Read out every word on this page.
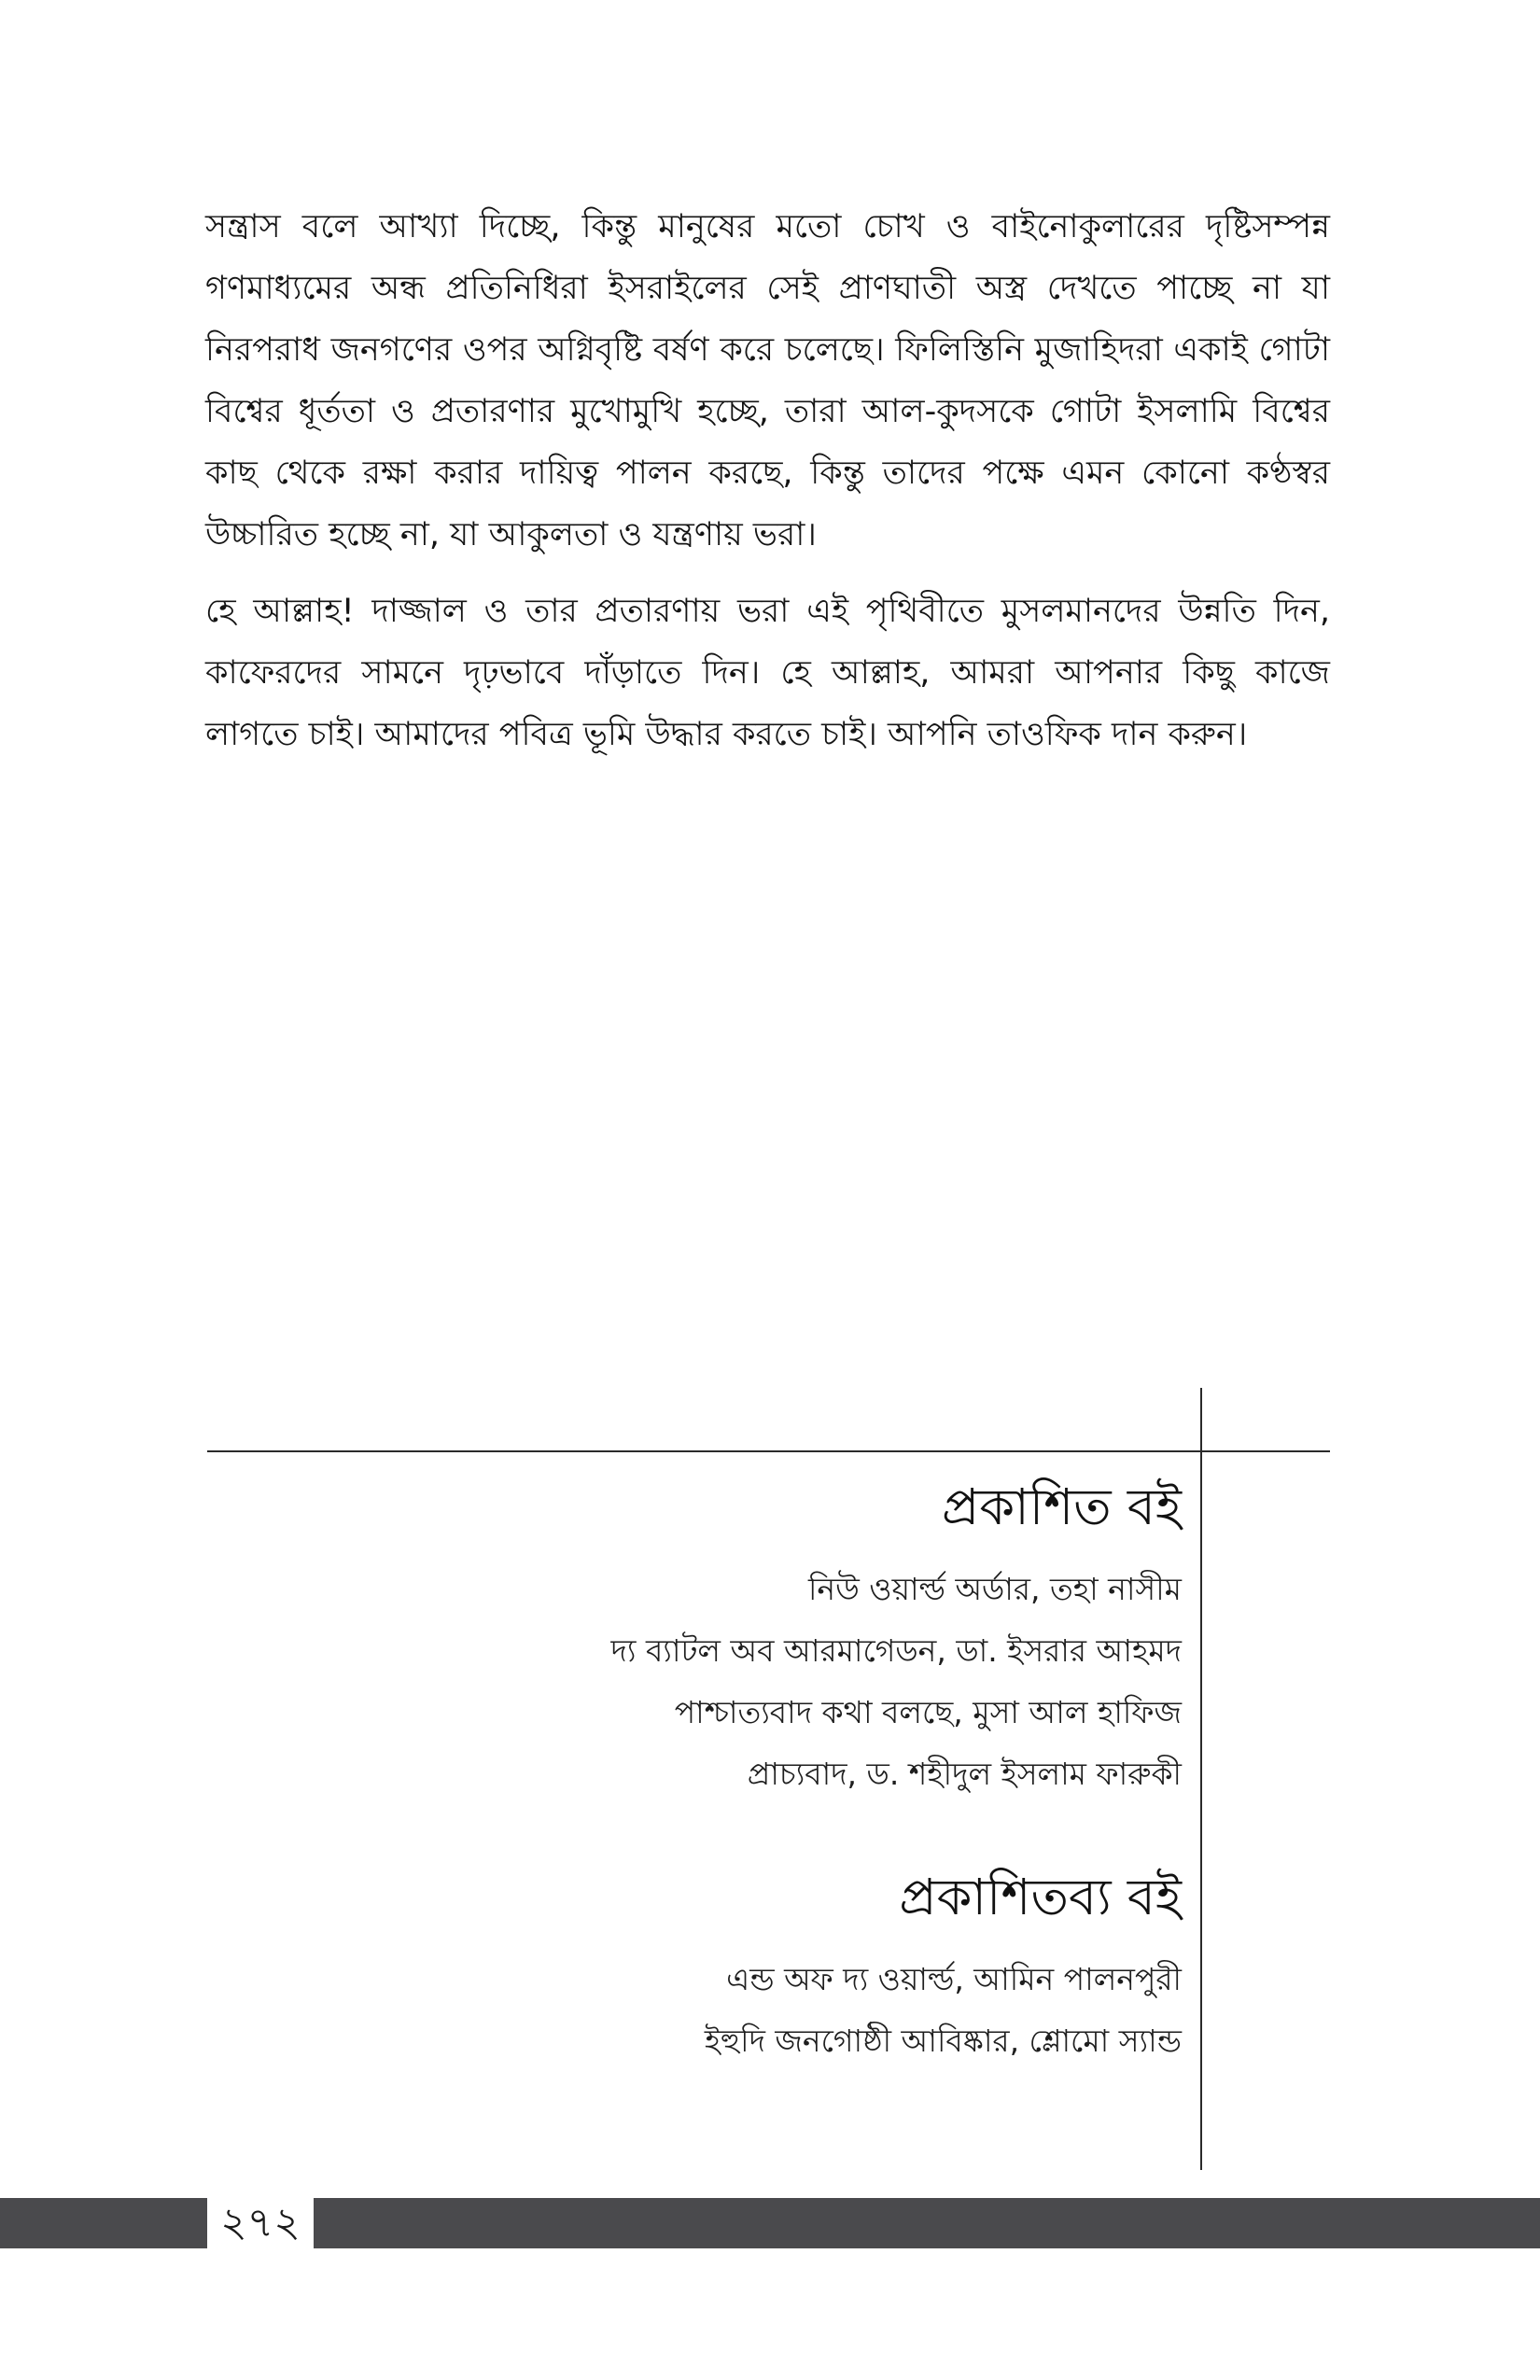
সন্ত্রাস বলে আখ্যা দিচ্ছে, কিন্তু মানুষের মতো চোখ ও বাইনোকুলারের দৃষ্টিসম্পন্ন গণমাধ্যমের অন্ধ প্রতিনিধিরা ইসরাইলের সেই প্রাণঘাতী অস্ত্র দেখতে পাচ্ছে না যা নিরপরাধ জনগণের ওপর অগ্নিবৃষ্টি বর্ষণ করে চলেছে। ফিলিস্তিনি মুজাহিদরা একাই গোটা বিশ্বের ধূর্ততা ও প্রতারণার মুখোমুখি হচ্ছে, তারা আল-কুদসকে গোটা ইসলামি বিশ্বের কাছ থেকে রক্ষা করার দায়িত্ব পালন করছে, কিন্তু তাদের পক্ষে এমন কোনো কণ্ঠস্বর উচ্চারিত হচ্ছে না, যা আকুলতা ও যন্ত্রণায় ভরা।

হে আল্লাহ! দাজ্জাল ও তার প্রতারণায় ভরা এই পৃথিবীতে মুসলমানদের উন্নতি দিন, কাফেরদের সামনে দৃঢ়ভাবে দাঁড়াতে দিন। হে আল্লাহ, আমরা আপনার কিছু কাজে লাগতে চাই। আমাদের পবিত্র ভূমি উদ্ধার করতে চাই। আপনি তাওফিক দান করুন।

প্রকাশিত বই
নিউ ওয়ার্ল্ড অর্ডার, তহা নাসীম
দ্য ব্যাটল অব আরমাগেডন, ডা. ইসরার আহমদ
পাশ্চাত্যবাদ কথা বলছে, মুসা আল হাফিজ
প্রাচ্যবাদ, ড. শহীদুল ইসলাম ফারুকী
প্রকাশিতব্য বই
এন্ড অফ দ্য ওয়ার্ল্ড, আমিন পালনপুরী
ইহুদি জনগোষ্ঠী আবিষ্কার, শ্লোমো স্যান্ড
২৭২
